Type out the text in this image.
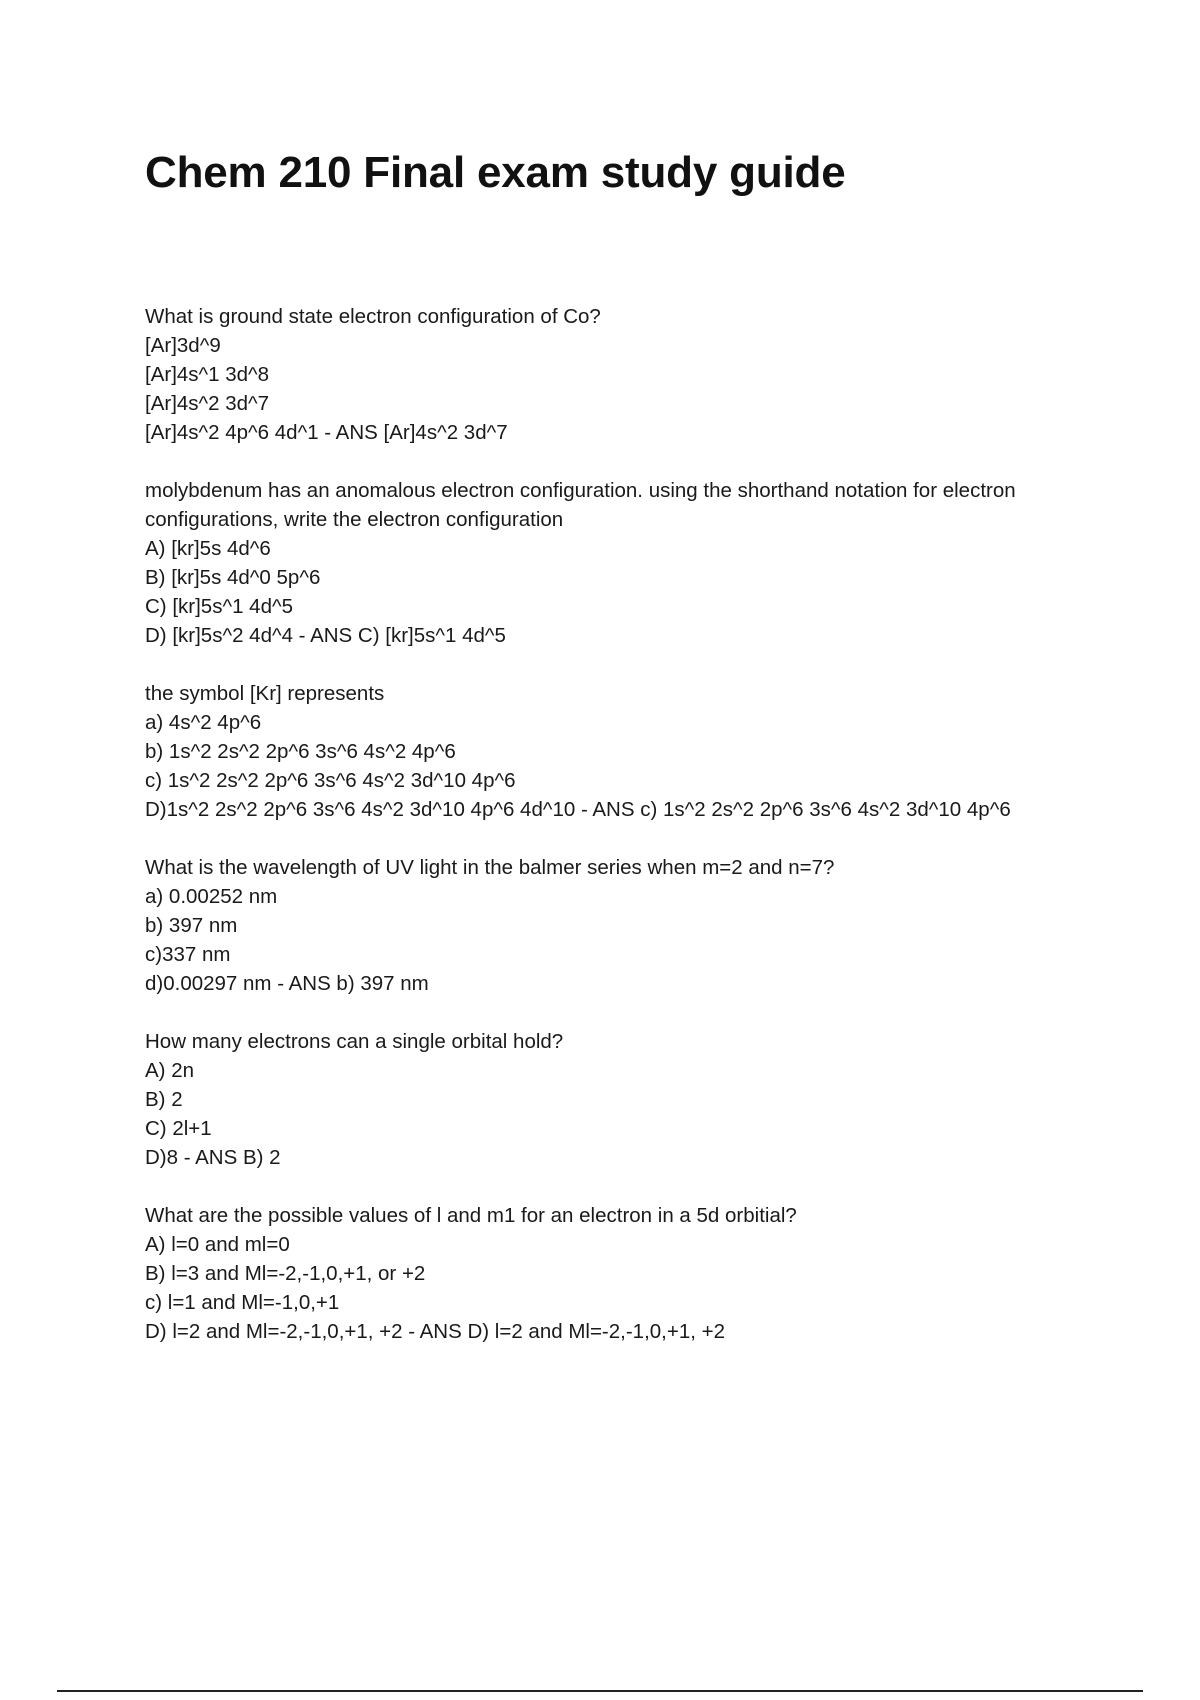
Chem 210 Final exam study guide

What is ground state electron configuration of Co?

[Ar]3d^9

[Ar]4s^1 3d^8

[Ar]4s^2 3d^7

[Ar]4s^2 4p^6 4d^1 - ANS [Ar]4s^2 3d^7

molybdenum has an anomalous electron configuration. using the shorthand notation for electron configurations, write the electron configuration

A) [kr]5s 4d^6

B) [kr]5s 4d^0 5p^6

C) [kr]5s^1 4d^5

D) [kr]5s^2 4d^4 - ANS C) [kr]5s^1 4d^5

the symbol [Kr] represents

a) 4s^2 4p^6

b) 1s^2 2s^2 2p^6 3s^6 4s^2 4p^6

c) 1s^2 2s^2 2p^6 3s^6 4s^2 3d^10 4p^6

D)1s^2 2s^2 2p^6 3s^6 4s^2 3d^10 4p^6 4d^10 - ANS c) 1s^2 2s^2 2p^6 3s^6 4s^2 3d^10 4p^6

What is the wavelength of UV light in the balmer series when m=2 and n=7?

a) 0.00252 nm

b) 397 nm

c)337 nm

d)0.00297 nm - ANS b) 397 nm

How many electrons can a single orbital hold?

A) 2n

B) 2

C) 2l+1

D)8 - ANS B) 2

What are the possible values of l and m1 for an electron in a 5d orbitial?

A) l=0 and ml=0

B) l=3 and Ml=-2,-1,0,+1, or +2

c) l=1 and Ml=-1,0,+1

D) l=2 and Ml=-2,-1,0,+1, +2 - ANS D) l=2 and Ml=-2,-1,0,+1, +2
